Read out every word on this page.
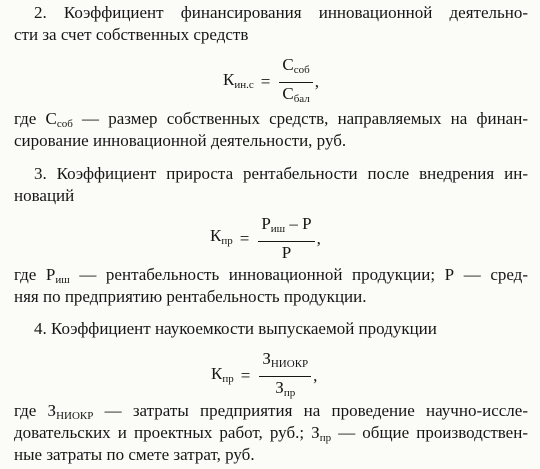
2. Коэффициент финансирования инновационной деятельно-
сти за счет собственных средств
$К_{ин.с} = \frac{С_{соб}}{С_{бал}}$ ,
где $С_{соб}$ — размер собственных средств, направляемых на финан-
сирование инновационной деятельности, руб.
3. Коэффициент прироста рентабельности после внедрения ин-
новаций
$К_{пр} = \frac{Р_{иш} - Р}{Р}$ ,
где $Р_{иш}$ — рентабельность инновационной продукции; Р — сред-
няя по предприятию рентабельность продукции.
4. Коэффициент наукоемкости выпускаемой продукции
$К_{пр} = \frac{З_{НИОКР}}{З_{пр}}$ ,
где $З_{НИОКР}$ — затраты предприятия на проведение научно-иссле-
довательских и проектных работ, руб.; $З_{пр}$ — общие производствен-
ные затраты по смете затрат, руб.
